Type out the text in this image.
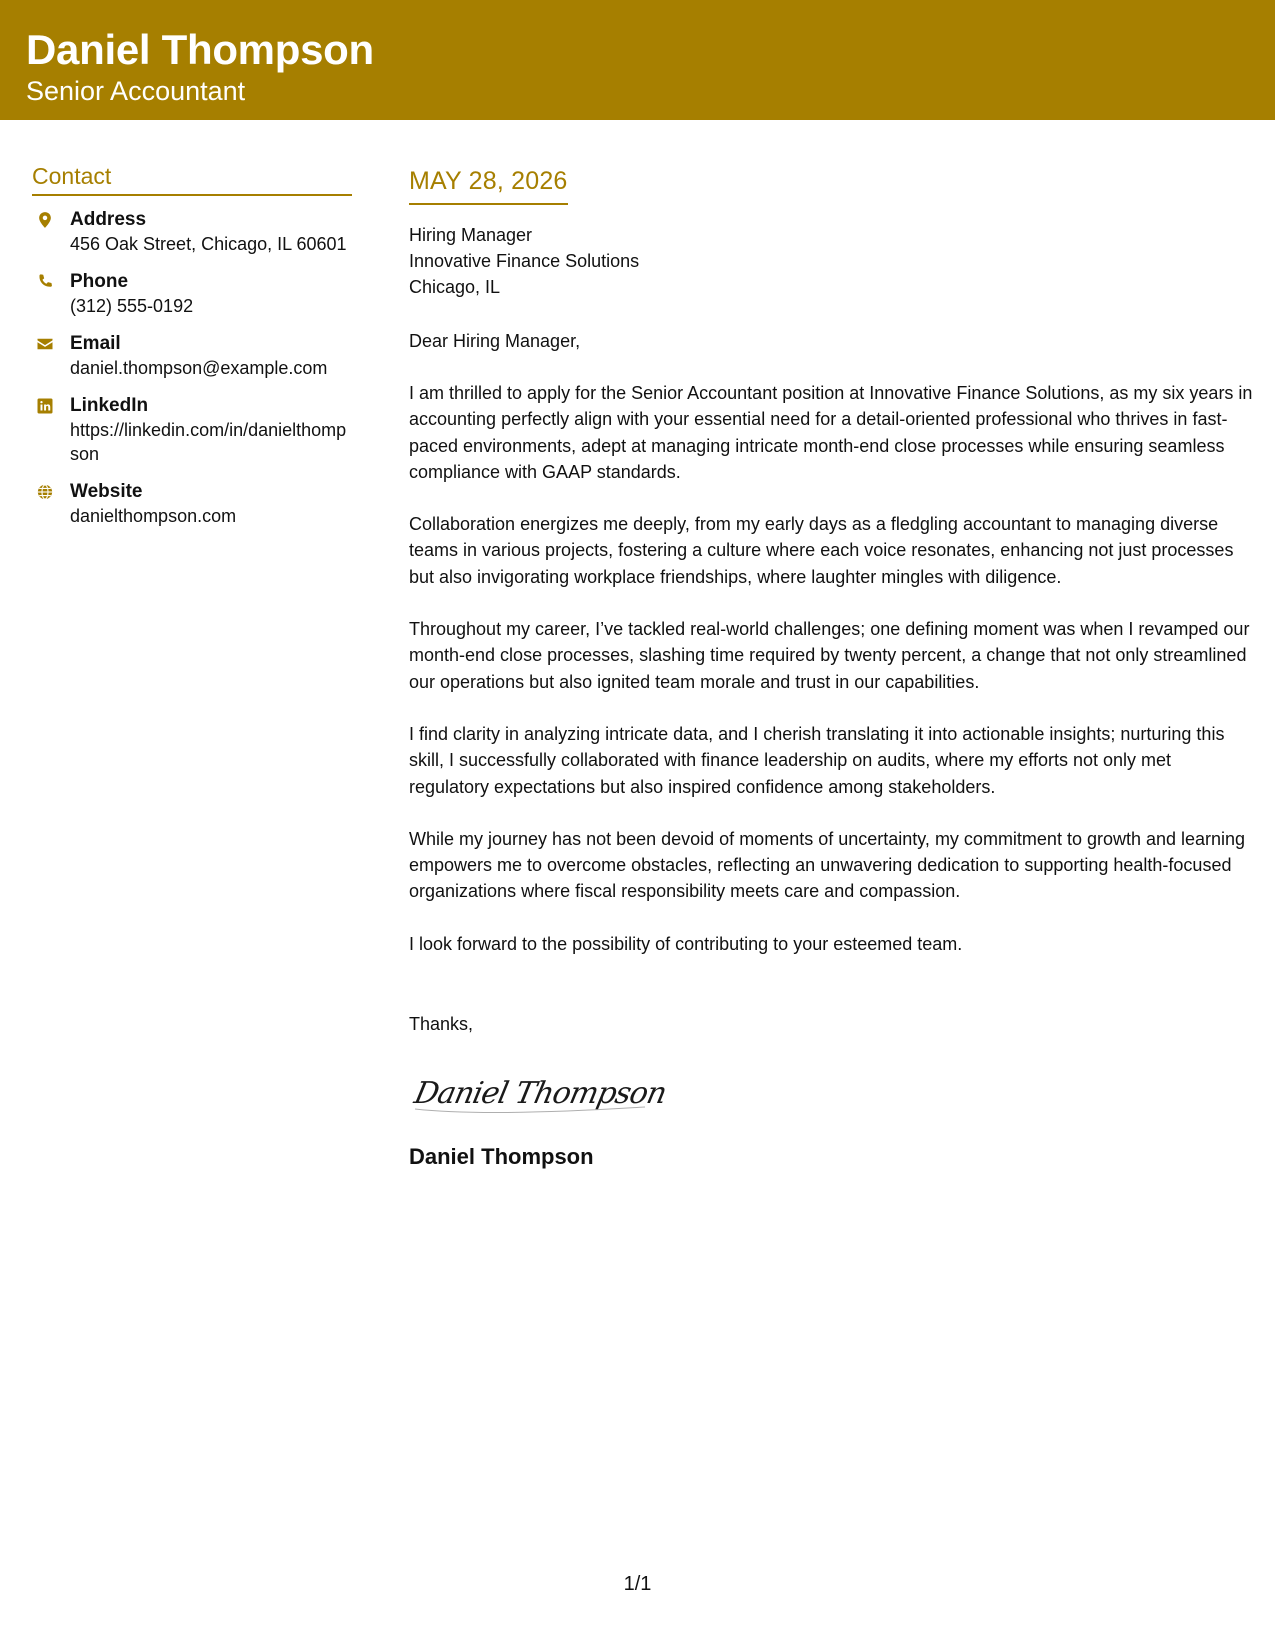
Daniel Thompson
Senior Accountant
Contact
Address
456 Oak Street, Chicago, IL 60601
Phone
(312) 555-0192
Email
daniel.thompson@example.com
LinkedIn
https://linkedin.com/in/danielthompson
Website
danielthompson.com
MAY 28, 2026
Hiring Manager
Innovative Finance Solutions
Chicago, IL
Dear Hiring Manager,

I am thrilled to apply for the Senior Accountant position at Innovative Finance Solutions, as my six years in accounting perfectly align with your essential need for a detail-oriented professional who thrives in fast-paced environments, adept at managing intricate month-end close processes while ensuring seamless compliance with GAAP standards.

Collaboration energizes me deeply, from my early days as a fledgling accountant to managing diverse teams in various projects, fostering a culture where each voice resonates, enhancing not just processes but also invigorating workplace friendships, where laughter mingles with diligence.

Throughout my career, I’ve tackled real-world challenges; one defining moment was when I revamped our month-end close processes, slashing time required by twenty percent, a change that not only streamlined our operations but also ignited team morale and trust in our capabilities.

I find clarity in analyzing intricate data, and I cherish translating it into actionable insights; nurturing this skill, I successfully collaborated with finance leadership on audits, where my efforts not only met regulatory expectations but also inspired confidence among stakeholders.

While my journey has not been devoid of moments of uncertainty, my commitment to growth and learning empowers me to overcome obstacles, reflecting an unwavering dedication to supporting health-focused organizations where fiscal responsibility meets care and compassion.

I look forward to the possibility of contributing to your esteemed team.

Thanks,
Daniel Thompson
Daniel Thompson
1/1
